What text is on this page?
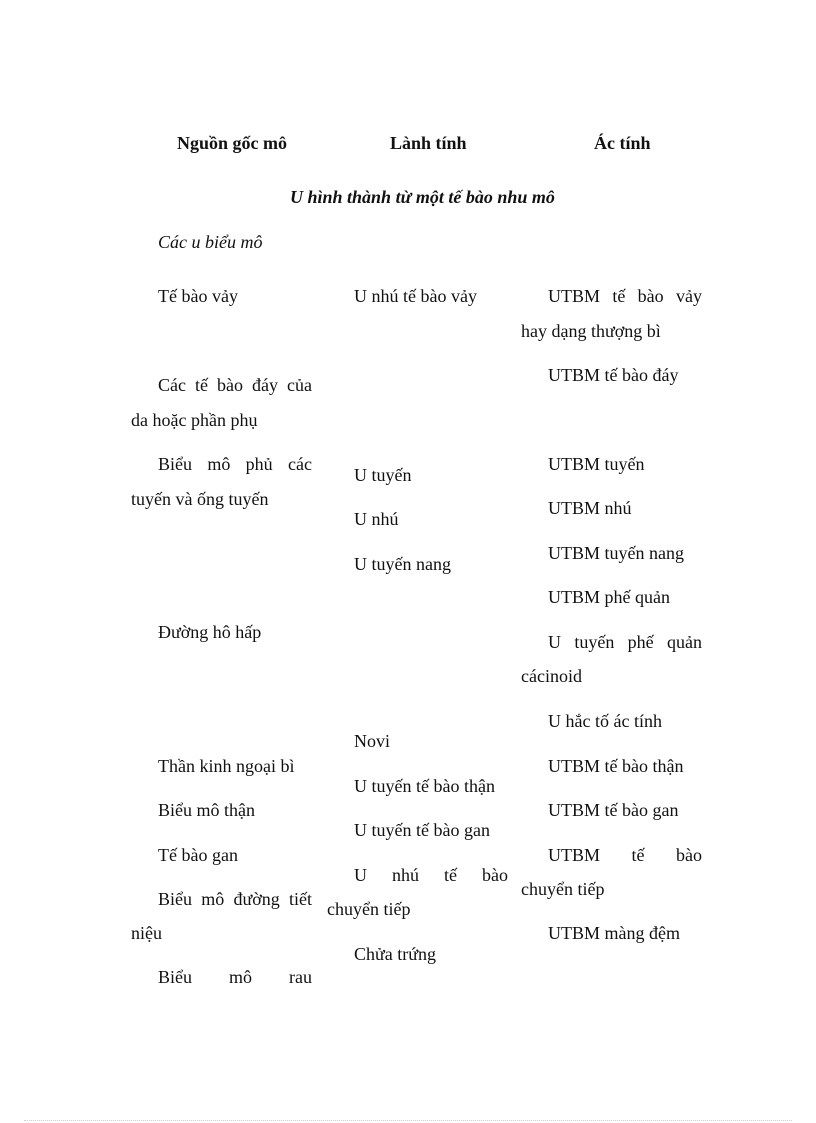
Nguồn gốc mô	Lành tính	Ác tính
U hình thành từ một tế bào nhu mô
Các u biểu mô
Tế bào vảy
Các tế bào đáy của
da hoặc phần phụ
Biểu mô phủ các
tuyến và ống tuyến
Đường hô hấp
Thần kinh ngoại bì
Biểu mô thận
Tế bào gan
Biểu mô đường tiết
niệu
Biểu mô rau
U nhú tế bào vảy
U tuyến
U nhú
U tuyến nang
Novi
U tuyến tế bào thận
U tuyến tế bào gan
U nhú tế bào
chuyển tiếp
Chửa trứng
UTBM tế bào vảy
hay dạng thượng bì
UTBM tế bào đáy
UTBM tuyến
UTBM nhú
UTBM tuyến nang
UTBM phế quản
U tuyến phế quản
cácinoid
U hắc tố ác tính
UTBM tế bào thận
UTBM tế bào gan
UTBM tế bào
chuyển tiếp
UTBM màng đệm
